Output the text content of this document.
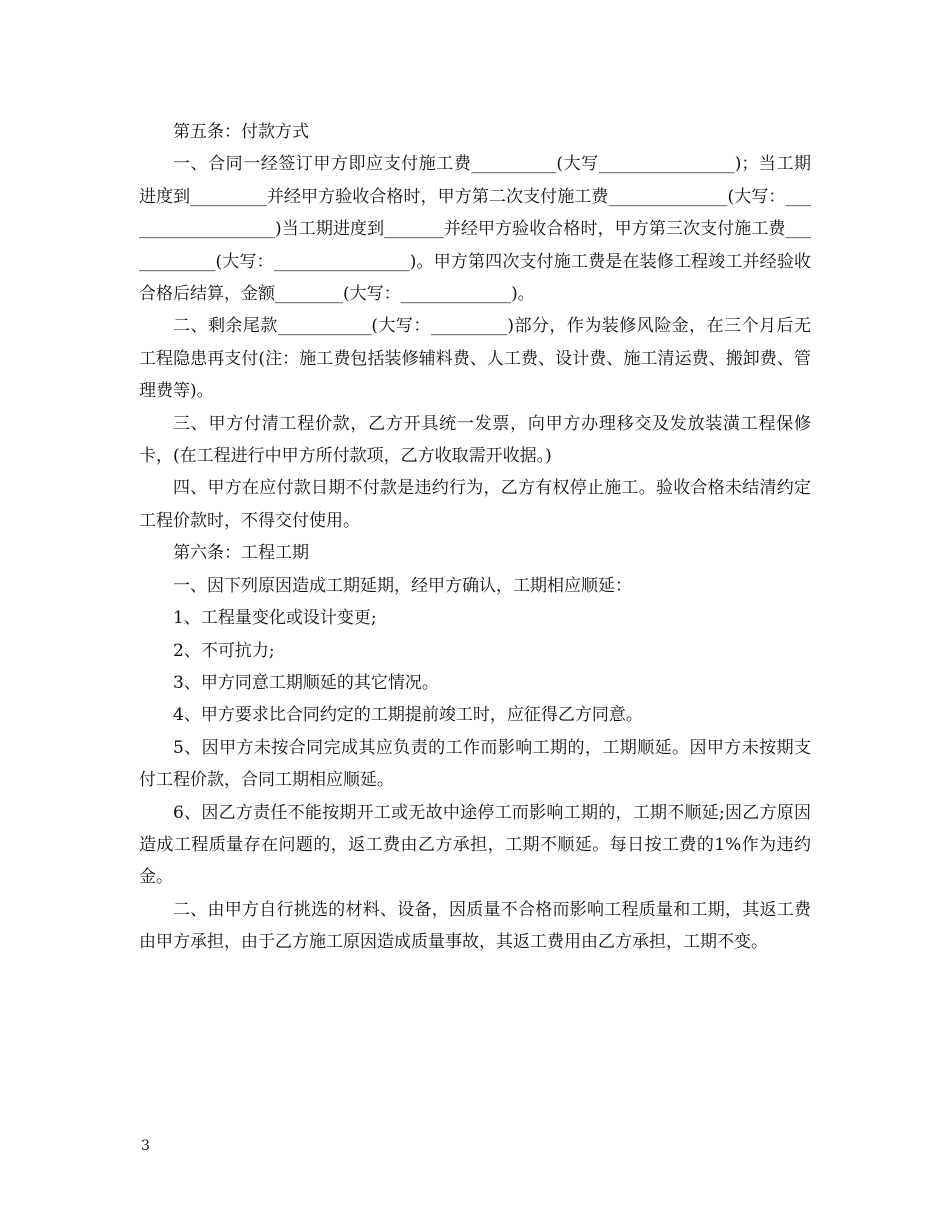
第五条：付款方式

一、合同一经签订甲方即应支付施工费__________(大写________________)；当工期进度到_________并经甲方验收合格时，甲方第二次支付施工费______________(大写：___________________)当工期进度到_______并经甲方验收合格时，甲方第三次支付施工费____________(大写：________________)。甲方第四次支付施工费是在装修工程竣工并经验收合格后结算，金额________(大写：_____________)。

二、剩余尾款___________(大写：_________)部分，作为装修风险金，在三个月后无工程隐患再支付(注：施工费包括装修辅料费、人工费、设计费、施工清运费、搬卸费、管理费等)。

三、甲方付清工程价款，乙方开具统一发票，向甲方办理移交及发放装潢工程保修卡，(在工程进行中甲方所付款项，乙方收取需开收据。)

四、甲方在应付款日期不付款是违约行为，乙方有权停止施工。验收合格未结清约定工程价款时，不得交付使用。

第六条：工程工期

一、因下列原因造成工期延期，经甲方确认，工期相应顺延：

1、工程量变化或设计变更;

2、不可抗力;

3、甲方同意工期顺延的其它情况。

4、甲方要求比合同约定的工期提前竣工时，应征得乙方同意。

5、因甲方未按合同完成其应负责的工作而影响工期的，工期顺延。因甲方未按期支付工程价款，合同工期相应顺延。

6、因乙方责任不能按期开工或无故中途停工而影响工期的，工期不顺延;因乙方原因造成工程质量存在问题的，返工费由乙方承担，工期不顺延。每日按工费的1%作为违约金。

二、由甲方自行挑选的材料、设备，因质量不合格而影响工程质量和工期，其返工费由甲方承担，由于乙方施工原因造成质量事故，其返工费用由乙方承担，工期不变。

3
